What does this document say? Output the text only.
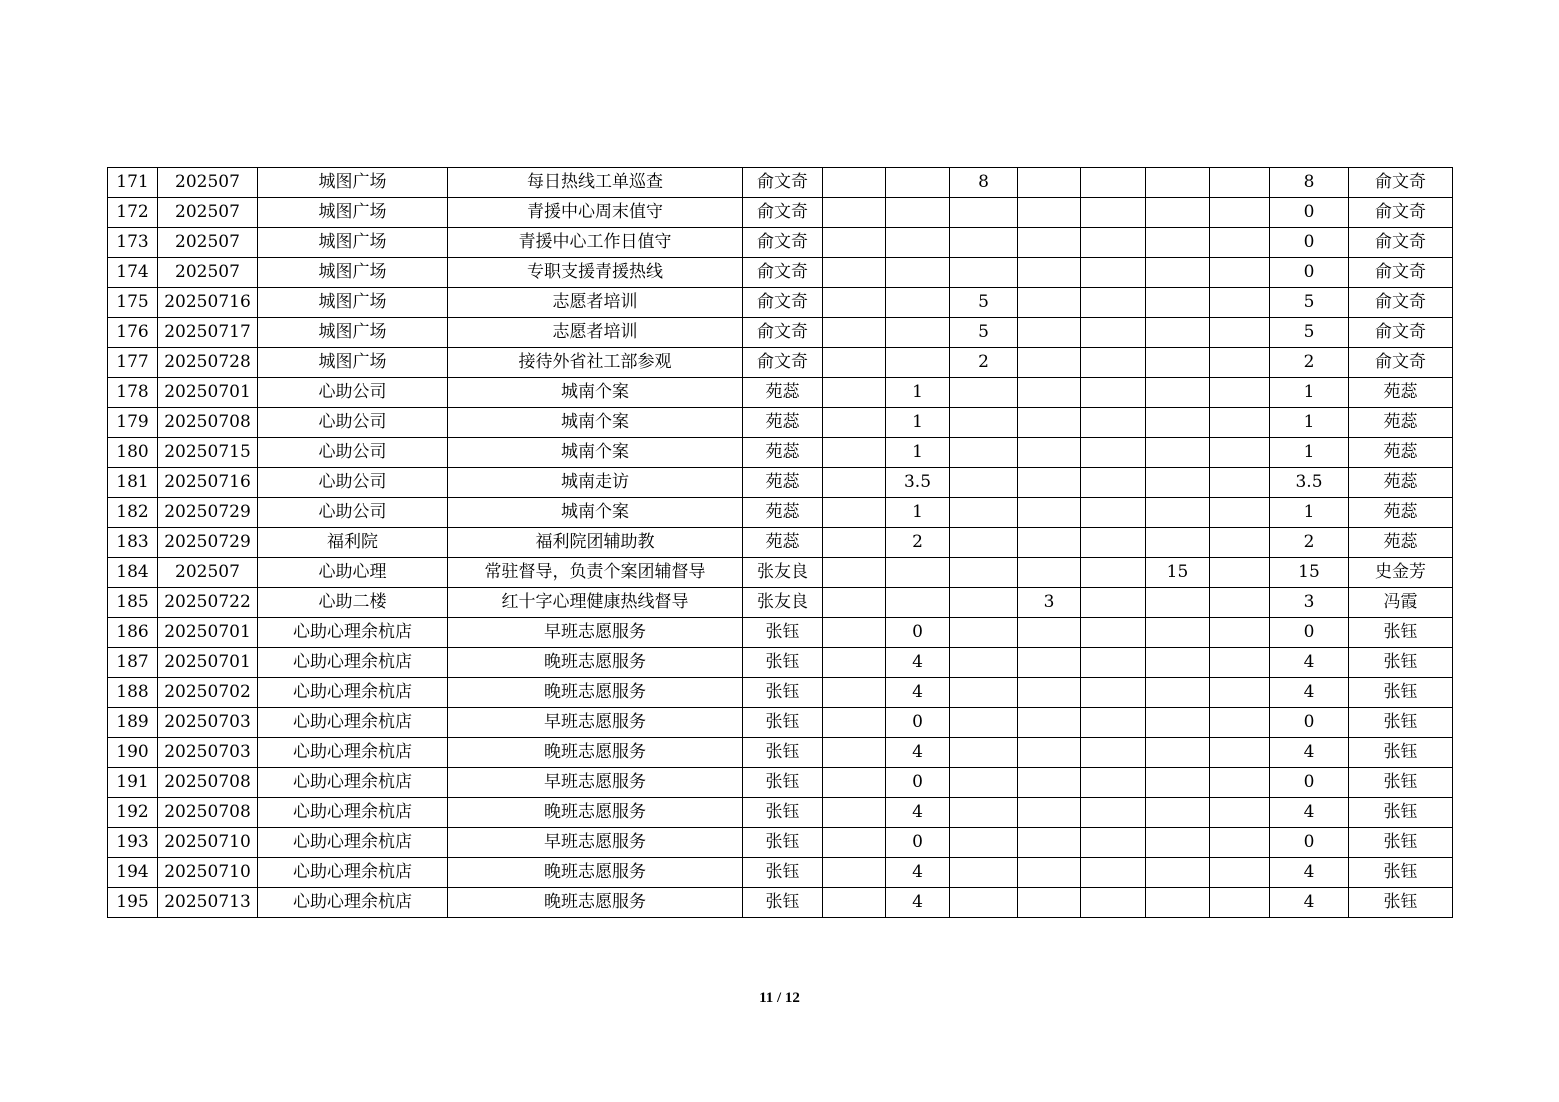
171	202507	城图广场	每日热线工单巡查	俞文奇			8					8	俞文奇
172	202507	城图广场	青援中心周末值守	俞文奇								0	俞文奇
173	202507	城图广场	青援中心工作日值守	俞文奇								0	俞文奇
174	202507	城图广场	专职支援青援热线	俞文奇								0	俞文奇
175	20250716	城图广场	志愿者培训	俞文奇			5					5	俞文奇
176	20250717	城图广场	志愿者培训	俞文奇			5					5	俞文奇
177	20250728	城图广场	接待外省社工部参观	俞文奇			2					2	俞文奇
178	20250701	心助公司	城南个案	苑蕊		1						1	苑蕊
179	20250708	心助公司	城南个案	苑蕊		1						1	苑蕊
180	20250715	心助公司	城南个案	苑蕊		1						1	苑蕊
181	20250716	心助公司	城南走访	苑蕊		3.5						3.5	苑蕊
182	20250729	心助公司	城南个案	苑蕊		1						1	苑蕊
183	20250729	福利院	福利院团辅助教	苑蕊		2						2	苑蕊
184	202507	心助心理	常驻督导，负责个案团辅督导	张友良						15		15	史金芳
185	20250722	心助二楼	红十字心理健康热线督导	张友良				3				3	冯霞
186	20250701	心助心理余杭店	早班志愿服务	张钰		0						0	张钰
187	20250701	心助心理余杭店	晚班志愿服务	张钰		4						4	张钰
188	20250702	心助心理余杭店	晚班志愿服务	张钰		4						4	张钰
189	20250703	心助心理余杭店	早班志愿服务	张钰		0						0	张钰
190	20250703	心助心理余杭店	晚班志愿服务	张钰		4						4	张钰
191	20250708	心助心理余杭店	早班志愿服务	张钰		0						0	张钰
192	20250708	心助心理余杭店	晚班志愿服务	张钰		4						4	张钰
193	20250710	心助心理余杭店	早班志愿服务	张钰		0						0	张钰
194	20250710	心助心理余杭店	晚班志愿服务	张钰		4						4	张钰
195	20250713	心助心理余杭店	晚班志愿服务	张钰		4						4	张钰
11 / 12
